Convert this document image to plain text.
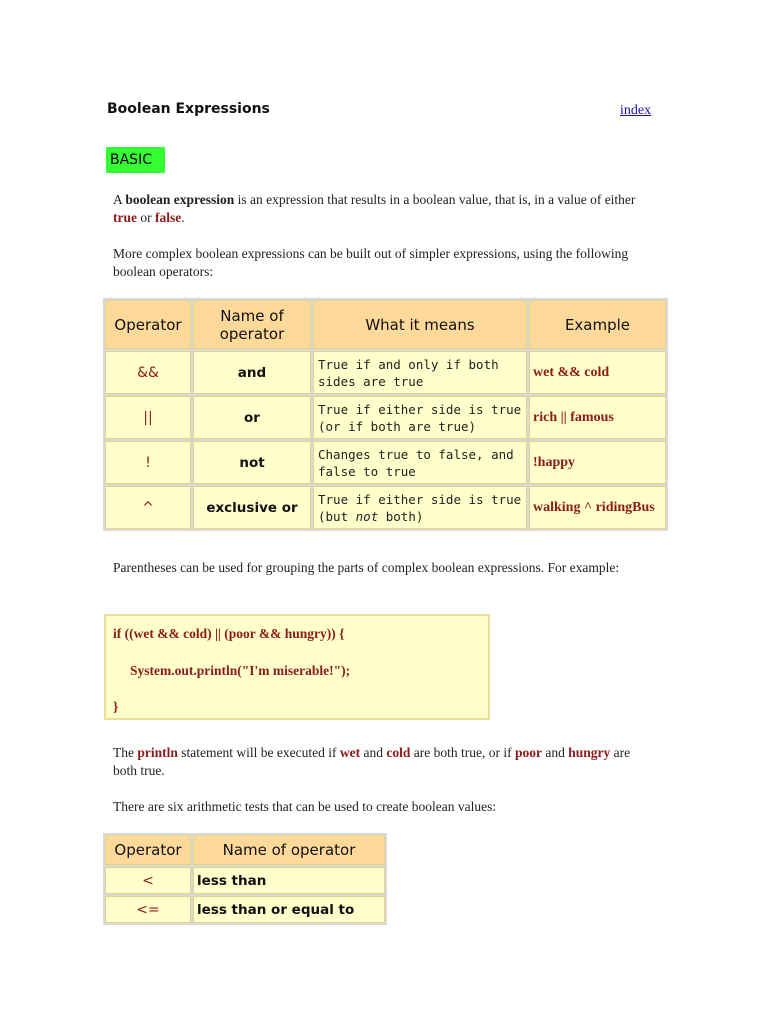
Boolean Expressions	index
BASIC
A boolean expression is an expression that results in a boolean value, that is, in a value of either true or false.
More complex boolean expressions can be built out of simpler expressions, using the following boolean operators:
Operator	Name of operator	What it means	Example
&&	and	True if and only if both sides are true	wet && cold
||	or	True if either side is true (or if both are true)	rich || famous
!	not	Changes true to false, and false to true	!happy
^	exclusive or	True if either side is true (but not both)	walking ^ ridingBus
Parentheses can be used for grouping the parts of complex boolean expressions. For example:
if ((wet && cold) || (poor && hungry)) {
System.out.println("I'm miserable!");
}
The println statement will be executed if wet and cold are both true, or if poor and hungry are both true.
There are six arithmetic tests that can be used to create boolean values:
Operator	Name of operator
<	less than
<=	less than or equal to
